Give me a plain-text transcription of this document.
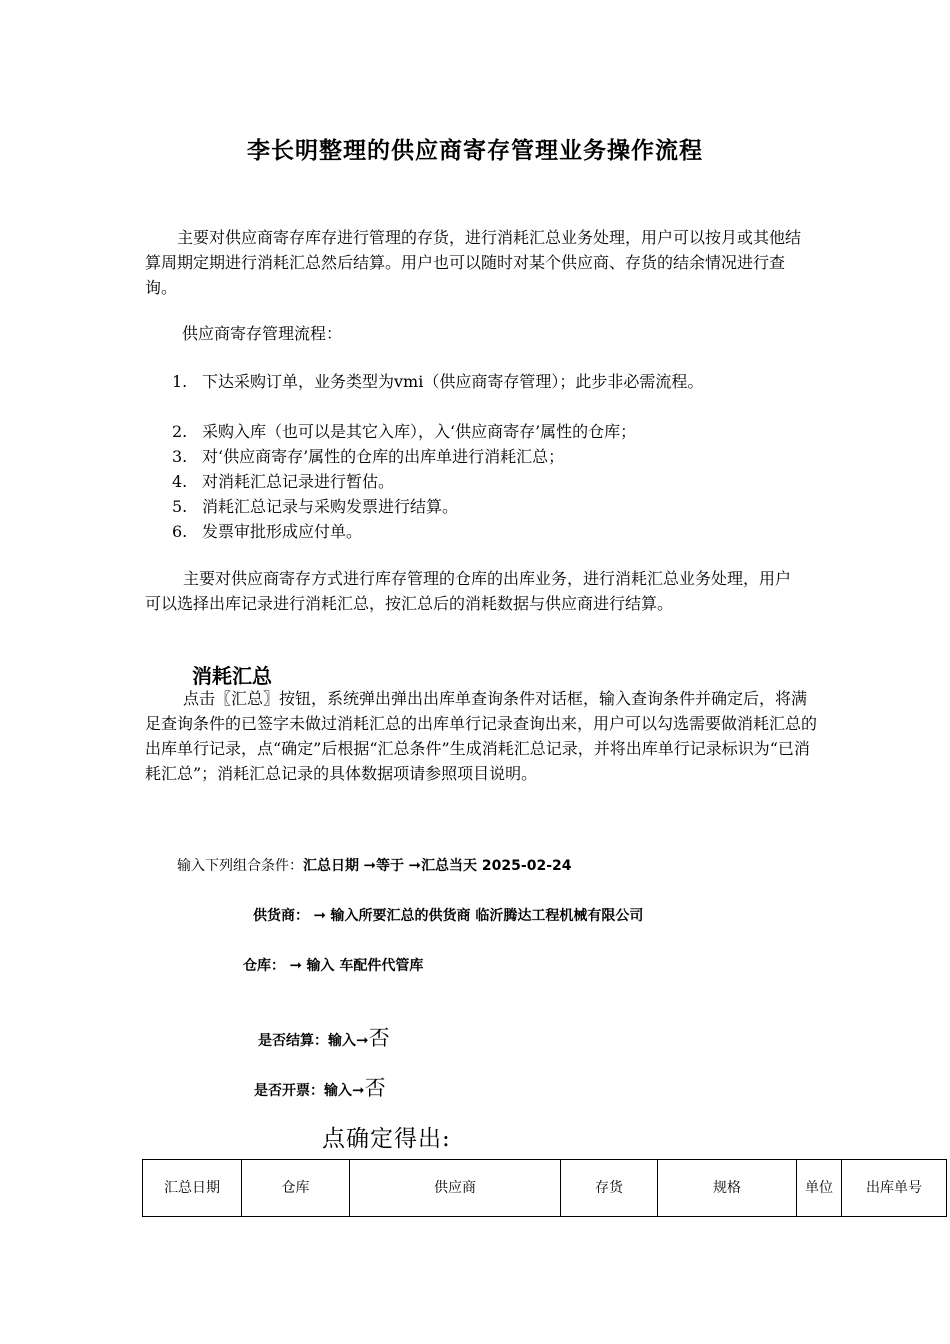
李长明整理的供应商寄存管理业务操作流程
主要对供应商寄存库存进行管理的存货，进行消耗汇总业务处理，用户可以按月或其他结算周期定期进行消耗汇总然后结算。用户也可以随时对某个供应商、存货的结余情况进行查询。
供应商寄存管理流程：
1. 下达采购订单，业务类型为vmi（供应商寄存管理）；此步非必需流程。
2. 采购入库（也可以是其它入库），入‘供应商寄存’属性的仓库；
3. 对‘供应商寄存’属性的仓库的出库单进行消耗汇总；
4. 对消耗汇总记录进行暂估。
5. 消耗汇总记录与采购发票进行结算。
6. 发票审批形成应付单。
主要对供应商寄存方式进行库存管理的仓库的出库业务，进行消耗汇总业务处理，用户可以选择出库记录进行消耗汇总，按汇总后的消耗数据与供应商进行结算。
消耗汇总
点击〖汇总〗按钮，系统弹出弹出出库单查询条件对话框，输入查询条件并确定后，将满足查询条件的已签字未做过消耗汇总的出库单行记录查询出来，用户可以勾选需要做消耗汇总的出库单行记录，点“确定”后根据“汇总条件”生成消耗汇总记录，并将出库单行记录标识为“已消耗汇总”；消耗汇总记录的具体数据项请参照项目说明。
输入下列组合条件：汇总日期 ➞等于 ➞汇总当天 2025-02-24
供货商： ➞ 输入所要汇总的供货商 临沂腾达工程机械有限公司
仓库： ➞ 输入 车配件代管库
是否结算：输入➞否
是否开票：输入➞否
点确定得出:
汇总日期	仓库	供应商	存货	规格	单位	出库单号
